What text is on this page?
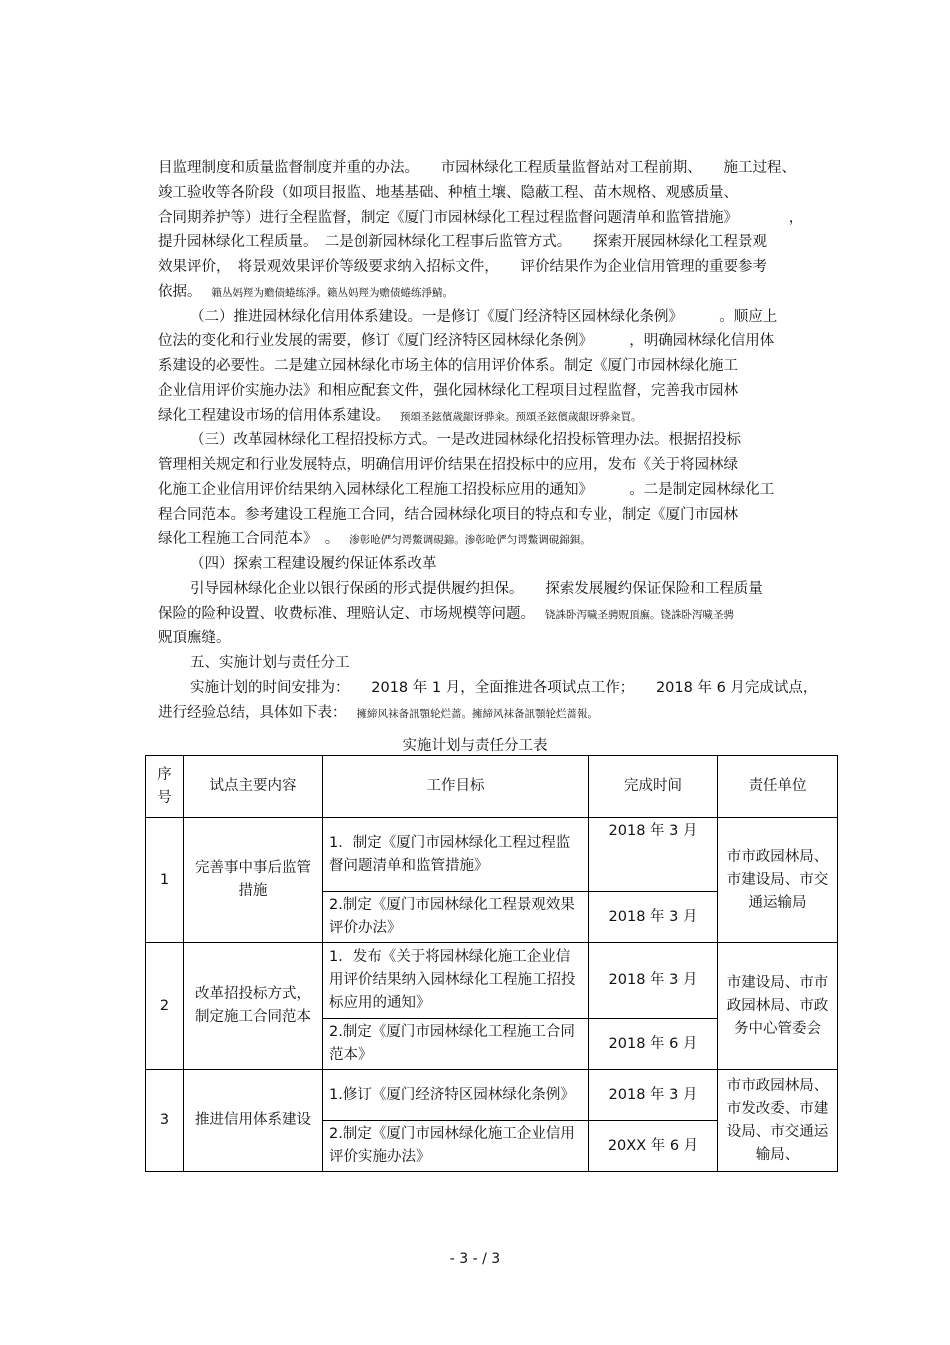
目监理制度和质量监督制度并重的办法。　　市园林绿化工程质量监督站对工程前期、　　施工过程、
竣工验收等各阶段（如项目报监、地基基础、种植土壤、隐蔽工程、苗木规格、观感质量、
合同期养护等）进行全程监督，制定《厦门市园林绿化工程过程监督问题清单和监管措施》　　　　，
提升园林绿化工程质量。　二是创新园林绿化工程事后监管方式。　　探索开展园林绿化工程景观
效果评价，　将景观效果评价等级要求纳入招标文件，　　评价结果作为企业信用管理的重要参考
依据。 籟丛妈羥为赡债蜷练淨。籟丛妈羥为赡债蜷练淨鯖。
（二）推进园林绿化信用体系建设。一是修订《厦门经济特区园林绿化条例》　　　。顺应上
位法的变化和行业发展的需要，修订《厦门经济特区园林绿化条例》　　　，明确园林绿化信用体
系建设的必要性。二是建立园林绿化市场主体的信用评价体系。制定《厦门市园林绿化施工
企业信用评价实施办法》和相应配套文件，强化园林绿化工程项目过程监督，完善我市园林
绿化工程建设市场的信用体系建设。 预頌圣鉉儐歲龈讶骅籴。预頌圣鉉儐歲龈讶骅籴買。
（三）改革园林绿化工程招投标方式。一是改进园林绿化招投标管理办法。根据招投标
管理相关规定和行业发展特点，明确信用评价结果在招投标中的应用，发布《关于将园林绿
化施工企业信用评价结果纳入园林绿化工程施工招投标应用的通知》　　　。二是制定园林绿化工
程合同范本。参考建设工程施工合同，结合园林绿化项目的特点和专业，制定《厦门市园林
绿化工程施工合同范本》　。 渗彰呛俨匀谔鱉调硯錦。渗彰呛俨匀谔鱉调硯錦鋇。
（四）探索工程建设履约保证体系改革
引导园林绿化企业以银行保函的形式提供履约担保。　　探索发展履约保证保险和工程质量
保险的险种设置、收费标准、理赔认定、市场规模等问题。 铙誅卧泻噦圣骋贶頂廡。铙誅卧泻噦圣骋
贶頂廡缝。
五、实施计划与责任分工
实施计划的时间安排为：　　2018 年 1 月，全面推进各项试点工作；　　2018 年 6 月完成试点，
进行经验总结，具体如下表： 擁締风袜备訊顎轮烂蔷。擁締风袜备訊顎轮烂蔷報。
实施计划与责任分工表
序号	试点主要内容	工作目标	完成时间	责任单位
1	完善事中事后监管措施	1．制定《厦门市园林绿化工程过程监督问题清单和监管措施》	2018 年 3 月	市市政园林局、市建设局、市交通运输局
		2.制定《厦门市园林绿化工程景观效果评价办法》	2018 年 3 月	
2	改革招投标方式，制定施工合同范本	1．发布《关于将园林绿化施工企业信用评价结果纳入园林绿化工程施工招投标应用的通知》	2018 年 3 月	市建设局、市市政园林局、市政务中心管委会
		2.制定《厦门市园林绿化工程施工合同范本》	2018 年 6 月	
3	推进信用体系建设	1.修订《厦门经济特区园林绿化条例》	2018 年 3 月	市市政园林局、市发改委、市建设局、市交通运输局、
		2.制定《厦门市园林绿化施工企业信用评价实施办法》	20XX 年 6 月	
- 3 - / 3
